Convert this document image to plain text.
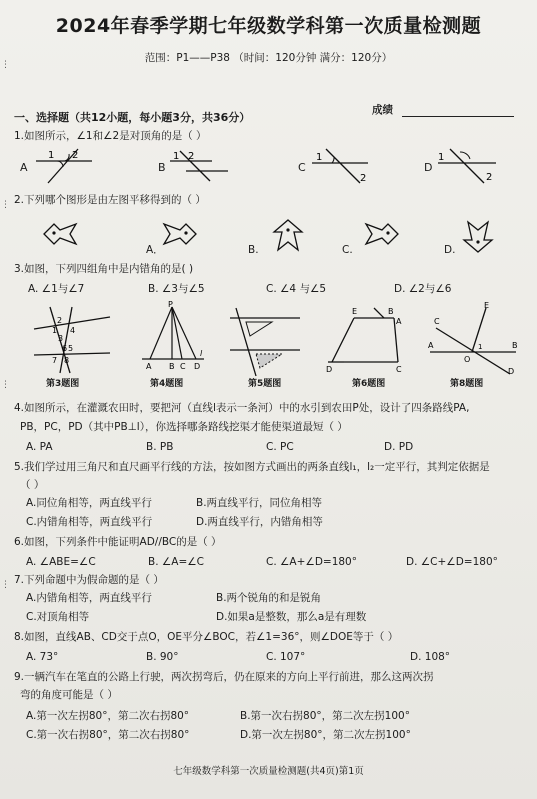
2024年春季学期七年级数学科第一次质量检测题
范围：P1——P38 （时间：120分钟 满分：120分）
一、选择题（共12小题，每小题3分，共36分）
成绩
1.如图所示，∠1和∠2是对顶角的是（ ）
A
1 2
B
1 2
C
1
2
D
1
2
2.下列哪个图形是由左图平移得到的（ ）
A．	B.	C.	D.
3.如图，下列四组角中是内错角的是( )
A. ∠1与∠7	B. ∠3与∠5	C. ∠4 与∠5	D. ∠2与∠6
2
1 4
3
6 5
7 8
P
A B C D
l
E	B
A
D	C
A	B
C
D
E
O
1
第3题图	第4题图	第5题图	第6题图	第8题图
4.如图所示，在灌溉农田时，要把河（直线l表示一条河）中的水引到农田P处，设计了四条路线PA,
PB，PC，PD（其中PB⊥l），你选择哪条路线挖渠才能使渠道最短（ ）
A. PA	B. PB	C. PC	D. PD
5.我们学过用三角尺和直尺画平行线的方法，按如图方式画出的两条直线l₁，l₂一定平行，其判定依据是
（ ）
A.同位角相等，两直线平行	B.两直线平行，同位角相等
C.内错角相等，两直线平行	D.两直线平行，内错角相等
6.如图，下列条件中能证明AD//BC的是（ ）
A. ∠ABE=∠C	B. ∠A=∠C	C. ∠A+∠D=180°	D. ∠C+∠D=180°
7.下列命题中为假命题的是（ ）
A.内错角相等，两直线平行	B.两个锐角的和是锐角
C.对顶角相等	D.如果a是整数，那么a是有理数
8.如图，直线AB、CD交于点O，OE平分∠BOC，若∠1=36°，则∠DOE等于（ ）
A. 73°	B. 90°	C. 107°	D. 108°
9.一辆汽车在笔直的公路上行驶，两次拐弯后，仍在原来的方向上平行前进，那么这两次拐
弯的角度可能是（ ）
A.第一次左拐80°，第二次右拐80°	B.第一次右拐80°，第二次左拐100°
C.第一次右拐80°，第二次右拐80°	D.第一次左拐80°，第二次左拐100°
七年级数学科第一次质量检测题(共4页)第1页
⋮
⋮
⋮
⋮
